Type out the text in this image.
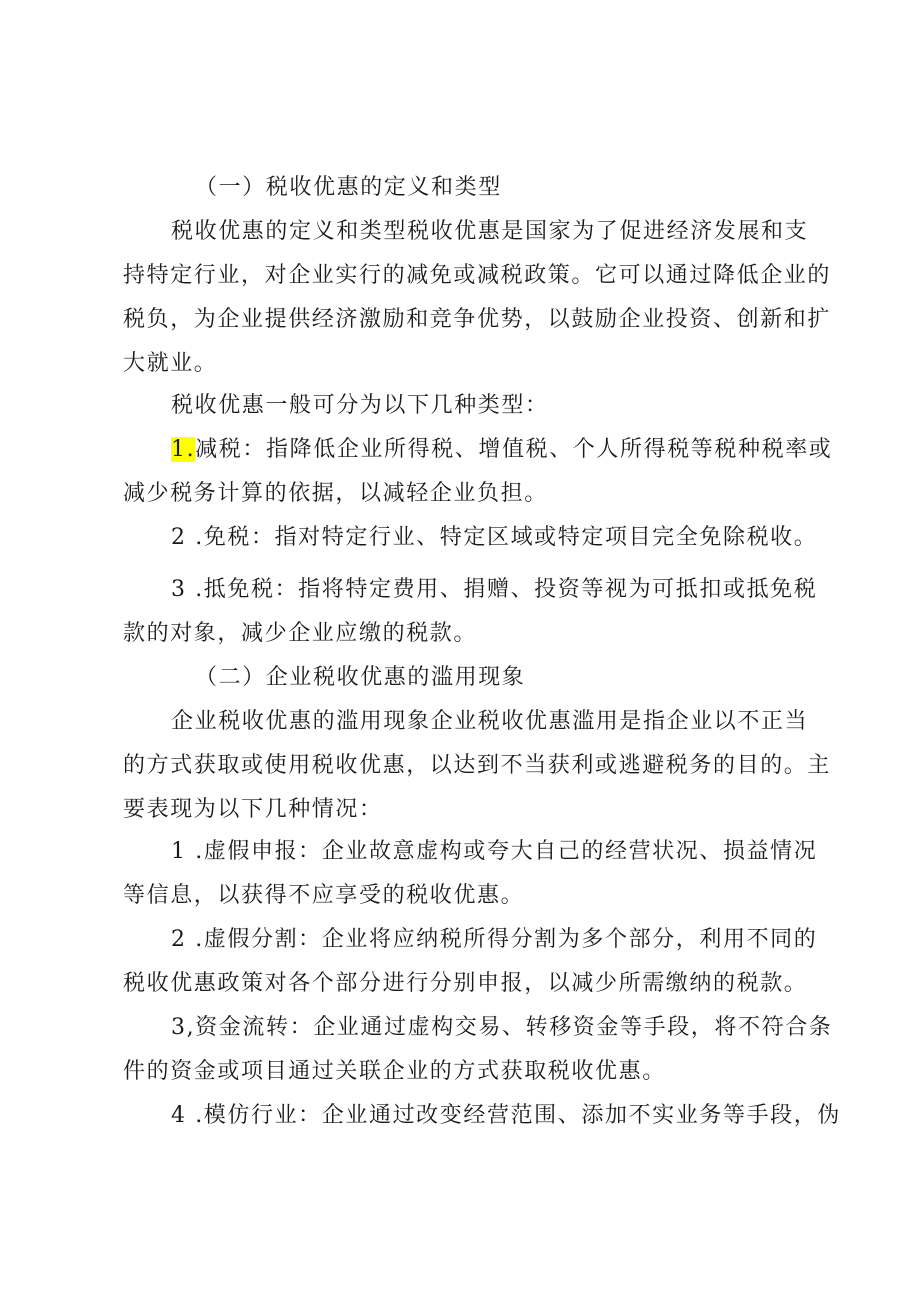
（一）税收优惠的定义和类型

税收优惠的定义和类型税收优惠是国家为了促进经济发展和支
持特定行业，对企业实行的减免或减税政策。它可以通过降低企业的
税负，为企业提供经济激励和竞争优势，以鼓励企业投资、创新和扩
大就业。

税收优惠一般可分为以下几种类型：

1.减税：指降低企业所得税、增值税、个人所得税等税种税率或
减少税务计算的依据，以减轻企业负担。

2 .免税：指对特定行业、特定区域或特定项目完全免除税收。

3 .抵免税：指将特定费用、捐赠、投资等视为可抵扣或抵免税
款的对象，减少企业应缴的税款。

（二）企业税收优惠的滥用现象

企业税收优惠的滥用现象企业税收优惠滥用是指企业以不正当
的方式获取或使用税收优惠，以达到不当获利或逃避税务的目的。主
要表现为以下几种情况：

1 .虚假申报：企业故意虚构或夸大自己的经营状况、损益情况
等信息，以获得不应享受的税收优惠。

2 .虚假分割：企业将应纳税所得分割为多个部分，利用不同的
税收优惠政策对各个部分进行分别申报，以减少所需缴纳的税款。

3,资金流转：企业通过虚构交易、转移资金等手段，将不符合条
件的资金或项目通过关联企业的方式获取税收优惠。

4 .模仿行业：企业通过改变经营范围、添加不实业务等手段，伪
